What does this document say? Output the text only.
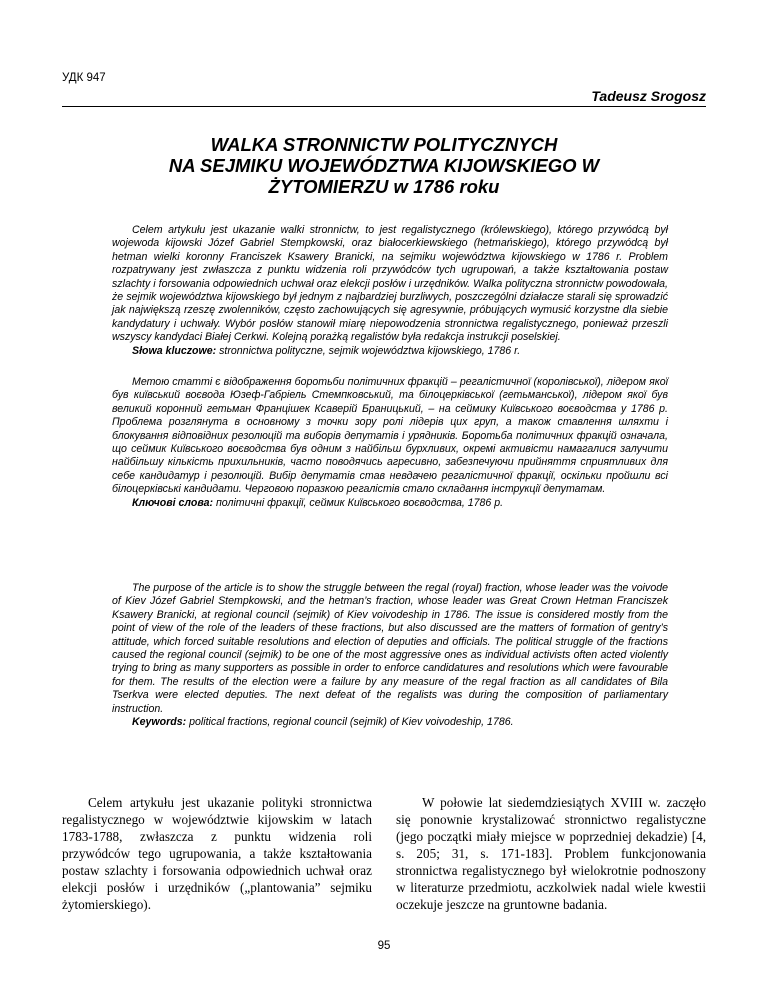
УДК 947
Tadeusz Srogosz
WALKA STRONNICTW POLITYCZNYCH
NA SEJMIKU WOJEWÓDZTWA KIJOWSKIEGO W
ŻYTOMIERZU w 1786 roku

Celem artykułu jest ukazanie walki stronnictw, to jest regalistycznego (królewskiego), którego przywódcą był wojewoda kijowski Józef Gabriel Stempkowski, oraz białocerkiewskiego (hetmańskiego), którego przywódcą był hetman wielki koronny Franciszek Ksawery Branicki, na sejmiku województwa kijowskiego w 1786 r. Problem rozpatrywany jest zwłaszcza z punktu widzenia roli przywódców tych ugrupowań, a także kształtowania postaw szlachty i forsowania odpowiednich uchwał oraz elekcji posłów i urzędników. Walka polityczna stronnictw powodowała, że sejmik województwa kijowskiego był jednym z najbardziej burzliwych, poszczególni działacze starali się sprowadzić jak największą rzeszę zwolenników, często zachowujących się agresywnie, próbujących wymusić korzystne dla siebie kandydatury i uchwały. Wybór posłów stanowił miarę niepowodzenia stronnictwa regalistycznego, ponieważ przeszli wszyscy kandydaci Białej Cerkwi. Kolejną porażką regalistów była redakcja instrukcji poselskiej.

Słowa kluczowe: stronnictwa polityczne, sejmik województwa kijowskiego, 1786 r.

Метою статті є відображення боротьби політичних фракцій – регалістичної (королівської), лідером якої був київський воєвода Юзеф-Габріель Стемпковський, та білоцерківської (гетьманської), лідером якої був великий коронний гетьман Францішек Ксаверій Браницький, – на сеймику Київського воєводства у 1786 р. Проблема розглянута в основному з точки зору ролі лідерів цих груп, а також ставлення шляхти і блокування відповідних резолюцій та виборів депутатів і урядників. Боротьба політичних фракцій означала, що сеймик Київського воєводства був одним з найбільш бурхливих, окремі активісти намагалися залучити найбільшу кількість прихильників, часто поводячись агресивно, забезпечуючи прийняття сприятливих для себе кандидатур і резолюцій. Вибір депутатів став невдачею регалістичної фракції, оскільки пройшли всі білоцерківські кандидати. Черговою поразкою регалістів стало складання інструкції депутатам.

Ключові слова: політичні фракції, сеймик Київського воєводства, 1786 р.

The purpose of the article is to show the struggle between the regal (royal) fraction, whose leader was the voivode of Kiev Józef Gabriel Stempkowski, and the hetman’s fraction, whose leader was Great Crown Hetman Franciszek Ksawery Branicki, at regional council (sejmik) of Kiev voivodeship in 1786. The issue is considered mostly from the point of view of the role of the leaders of these fractions, but also discussed are the matters of formation of gentry’s attitude, which forced suitable resolutions and election of deputies and officials. The political struggle of the fractions caused the regional council (sejmik) to be one of the most aggressive ones as individual activists often acted violently trying to bring as many supporters as possible in order to enforce candidatures and resolutions which were favourable for them. The results of the election were a failure by any measure of the regal fraction as all candidates of Bila Tserkva were elected deputies. The next defeat of the regalists was during the composition of parliamentary instruction.

Keywords: political fractions, regional council (sejmik) of Kiev voivodeship, 1786.

Celem artykułu jest ukazanie polityki stronnictwa regalistycznego w województwie kijowskim w latach 1783-1788, zwłaszcza z punktu widzenia roli przywódców tego ugrupowania, a także kształtowania postaw szlachty i forsowania odpowiednich uchwał oraz elekcji posłów i urzędników („plantowania” sejmiku żytomierskiego).

W połowie lat siedemdziesiątych XVIII w. zaczęło się ponownie krystalizować stronnictwo regalistyczne (jego początki miały miejsce w poprzedniej dekadzie) [4, s. 205; 31, s. 171-183]. Problem funkcjonowania stronnictwa regalistycznego był wielokrotnie podnoszony w literaturze przedmiotu, aczkolwiek nadal wiele kwestii oczekuje jeszcze na gruntowne badania.

95
